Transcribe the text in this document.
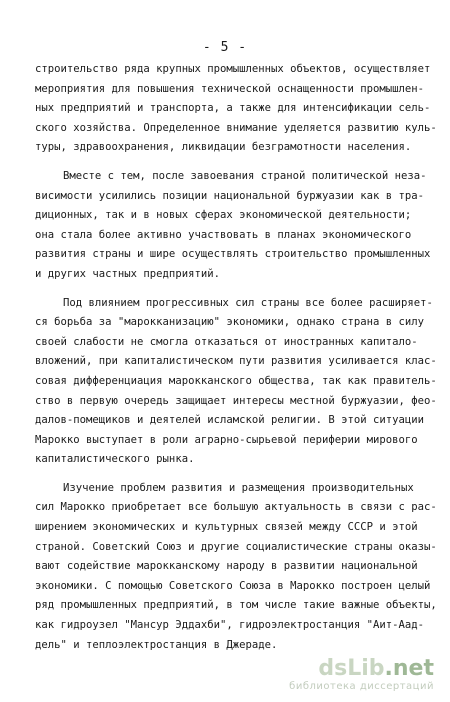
- 5 -
строительство ряда крупных промышленных объектов, осуществляет
мероприятия для повышения технической оснащенности промышлен-
ных предприятий и транспорта, а также для интенсификации сель-
ского хозяйства. Определенное внимание уделяется развитию куль-
туры, здравоохранения, ликвидации безграмотности населения.
Вместе с тем, после завоевания страной политической неза-
висимости усилились позиции национальной буржуазии как в тра-
диционных, так и в новых сферах экономической деятельности;
она стала более активно участвовать в планах экономического
развития страны и шире осуществлять строительство промышленных
и других частных предприятий.
Под влиянием прогрессивных сил страны все более расширяет-
ся борьба за "марокканизацию" экономики, однако страна в силу
своей слабости не смогла отказаться от иностранных капитало-
вложений, при капиталистическом пути развития усиливается клас-
совая дифференциация марокканского общества, так как правитель-
ство в первую очередь защищает интересы местной буржуазии, фео-
далов-помещиков и деятелей исламской религии. В этой ситуации
Марокко выступает в роли аграрно-сырьевой периферии мирового
капиталистического рынка.
Изучение проблем развития и размещения производительных
сил Марокко приобретает все большую актуальность в связи с рас-
ширением экономических и культурных связей между СССР и этой
страной. Советский Союз и другие социалистические страны оказы-
вают содействие марокканскому народу в развитии национальной
экономики. С помощью Советского Союза в Марокко построен целый
ряд промышленных предприятий, в том числе такие важные объекты,
как гидроузел "Мансур Эддахби", гидроэлектростанция "Аит-Аад-
дель" и теплоэлектростанция в Джераде.
dsLib.net
библиотека диссертаций
